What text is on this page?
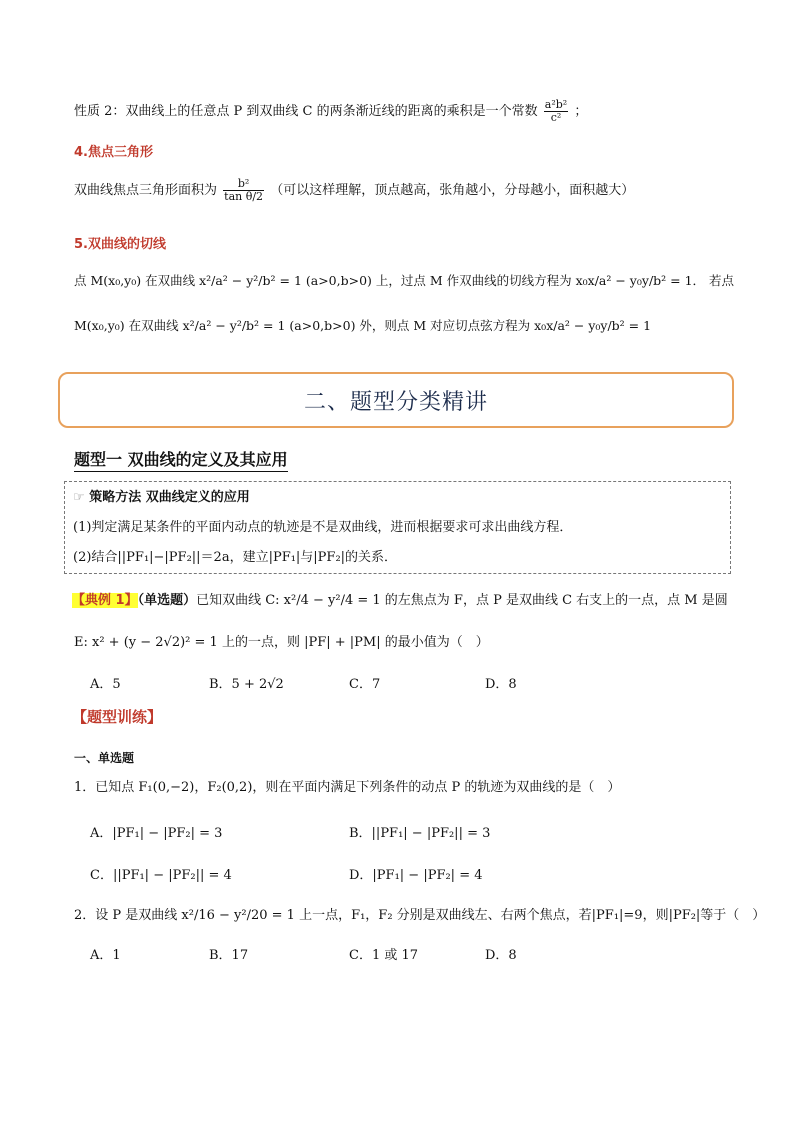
性质 2：双曲线上的任意点 P 到双曲线 C 的两条渐近线的距离的乘积是一个常数 $\frac{\text{a²b²}}{\text{c²}}$ ；
4.焦点三角形
双曲线焦点三角形面积为 $\frac{\text{b²}}{\text{tan θ/2}}$ （可以这样理解，顶点越高，张角越小，分母越小，面积越大）
5.双曲线的切线
点 M(x₀,y₀) 在双曲线 x²/a² − y²/b² = 1 (a>0,b>0) 上，过点 M 作双曲线的切线方程为 x₀x/a² − y₀y/b² = 1． 若点
M(x₀,y₀) 在双曲线 x²/a² − y²/b² = 1 (a>0,b>0) 外，则点 M 对应切点弦方程为 x₀x/a² − y₀y/b² = 1
二、题型分类精讲
题型一 双曲线的定义及其应用
☞ 策略方法 双曲线定义的应用
(1)判定满足某条件的平面内动点的轨迹是不是双曲线，进而根据要求可求出曲线方程．
(2)结合||PF₁|−|PF₂||＝2a，建立|PF₁|与|PF₂|的关系．
【典例 1】（单选题）已知双曲线 C: x²/4 − y²/4 = 1 的左焦点为 F，点 P 是双曲线 C 右支上的一点，点 M 是圆
E: x² + (y − 2√2)² = 1 上的一点，则 |PF| + |PM| 的最小值为（　）
A．5	B．5 + 2√2	C．7	D．8
【题型训练】
一、单选题
1．已知点 F₁(0,−2)，F₂(0,2)，则在平面内满足下列条件的动点 P 的轨迹为双曲线的是（　）
A．|PF₁| − |PF₂| = 3	B．||PF₁| − |PF₂|| = 3
C．||PF₁| − |PF₂|| = 4	D．|PF₁| − |PF₂| = 4
2．设 P 是双曲线 x²/16 − y²/20 = 1 上一点，F₁，F₂ 分别是双曲线左、右两个焦点，若|PF₁|=9，则|PF₂|等于（　）
A．1	B．17	C．1 或 17	D．8
